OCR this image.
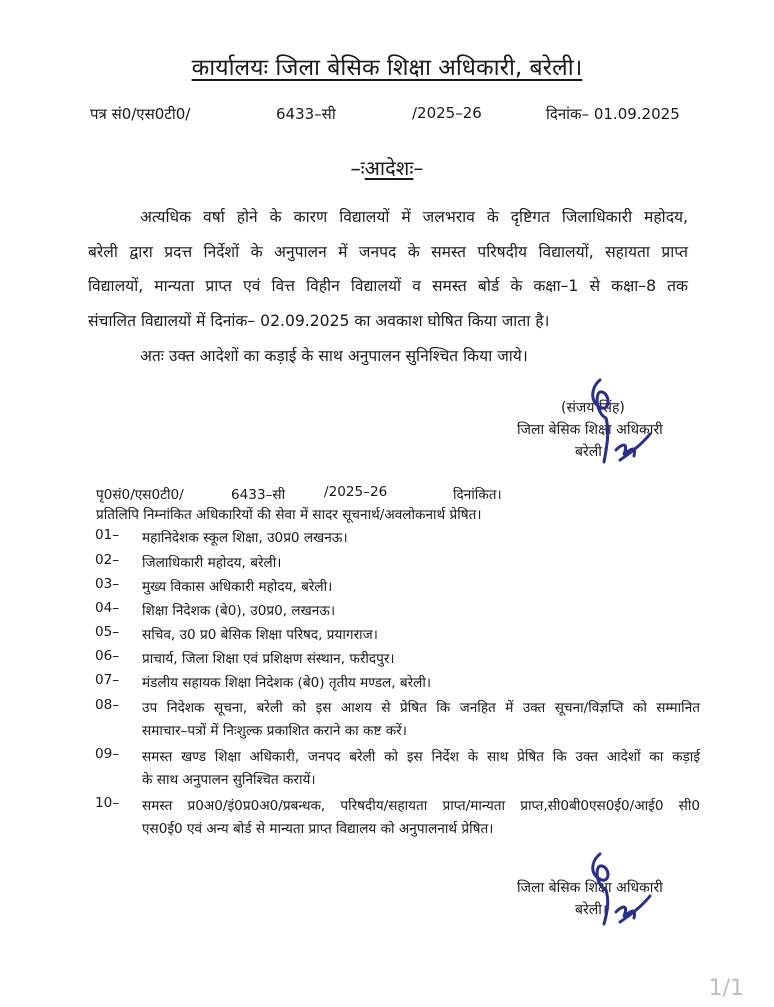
कार्यालयः जिला बेसिक शिक्षा अधिकारी, बरेली।
पत्र सं0/एस0टी0/	6433–सी	/2025–26	दिनांक– 01.09.2025
–ःआदेशः–
अत्यधिक वर्षा होने के कारण विद्यालयों में जलभराव के दृष्टिगत जिलाधिकारी महोदय,
बरेली द्वारा प्रदत्त निर्देशों के अनुपालन में जनपद के समस्त परिषदीय विद्यालयों, सहायता प्राप्त
विद्यालयों, मान्यता प्राप्त एवं वित्त विहीन विद्यालयों व समस्त बोर्ड के कक्षा–1 से कक्षा–8 तक
संचालित विद्यालयों में दिनांक– 02.09.2025 का अवकाश घोषित किया जाता है।
अतः उक्त आदेशों का कड़ाई के साथ अनुपालन सुनिश्चित किया जाये।
(संजय सिंह)
जिला बेसिक शिक्षा अधिकारी
बरेली।
पृ0सं0/एस0टी0/	6433–सी	/2025–26	दिनांकित।
प्रतिलिपि निम्नांकित अधिकारियों की सेवा में सादर सूचनार्थ/अवलोकनार्थ प्रेषित।
01– महानिदेशक स्कूल शिक्षा, उ0प्र0 लखनऊ।
02– जिलाधिकारी महोदय, बरेली।
03– मुख्य विकास अधिकारी महोदय, बरेली।
04– शिक्षा निदेशक (बे0), उ0प्र0, लखनऊ।
05– सचिव, उ0 प्र0 बेसिक शिक्षा परिषद, प्रयागराज।
06– प्राचार्य, जिला शिक्षा एवं प्रशिक्षण संस्थान, फरीदपुर।
07– मंडलीय सहायक शिक्षा निदेशक (बे0) तृतीय मण्डल, बरेली।
08– उप निदेशक सूचना, बरेली को इस आशय से प्रेषित कि जनहित में उक्त सूचना/विज्ञप्ति को सम्मानित
समाचार–पत्रों में निःशुल्क प्रकाशित कराने का कष्ट करें।
09– समस्त खण्ड शिक्षा अधिकारी, जनपद बरेली को इस निर्देश के साथ प्रेषित कि उक्त आदेशों का कड़ाई
के साथ अनुपालन सुनिश्चित करायें।
10– समस्त प्र0अ0/इं0प्र0अ0/प्रबन्धक, परिषदीय/सहायता प्राप्त/मान्यता प्राप्त,सी0बी0एस0ई0/आई0 सी0
एस0ई0 एवं अन्य बोर्ड से मान्यता प्राप्त विद्यालय को अनुपालनार्थ प्रेषित।
जिला बेसिक शिक्षा अधिकारी
बरेली।
1/1
